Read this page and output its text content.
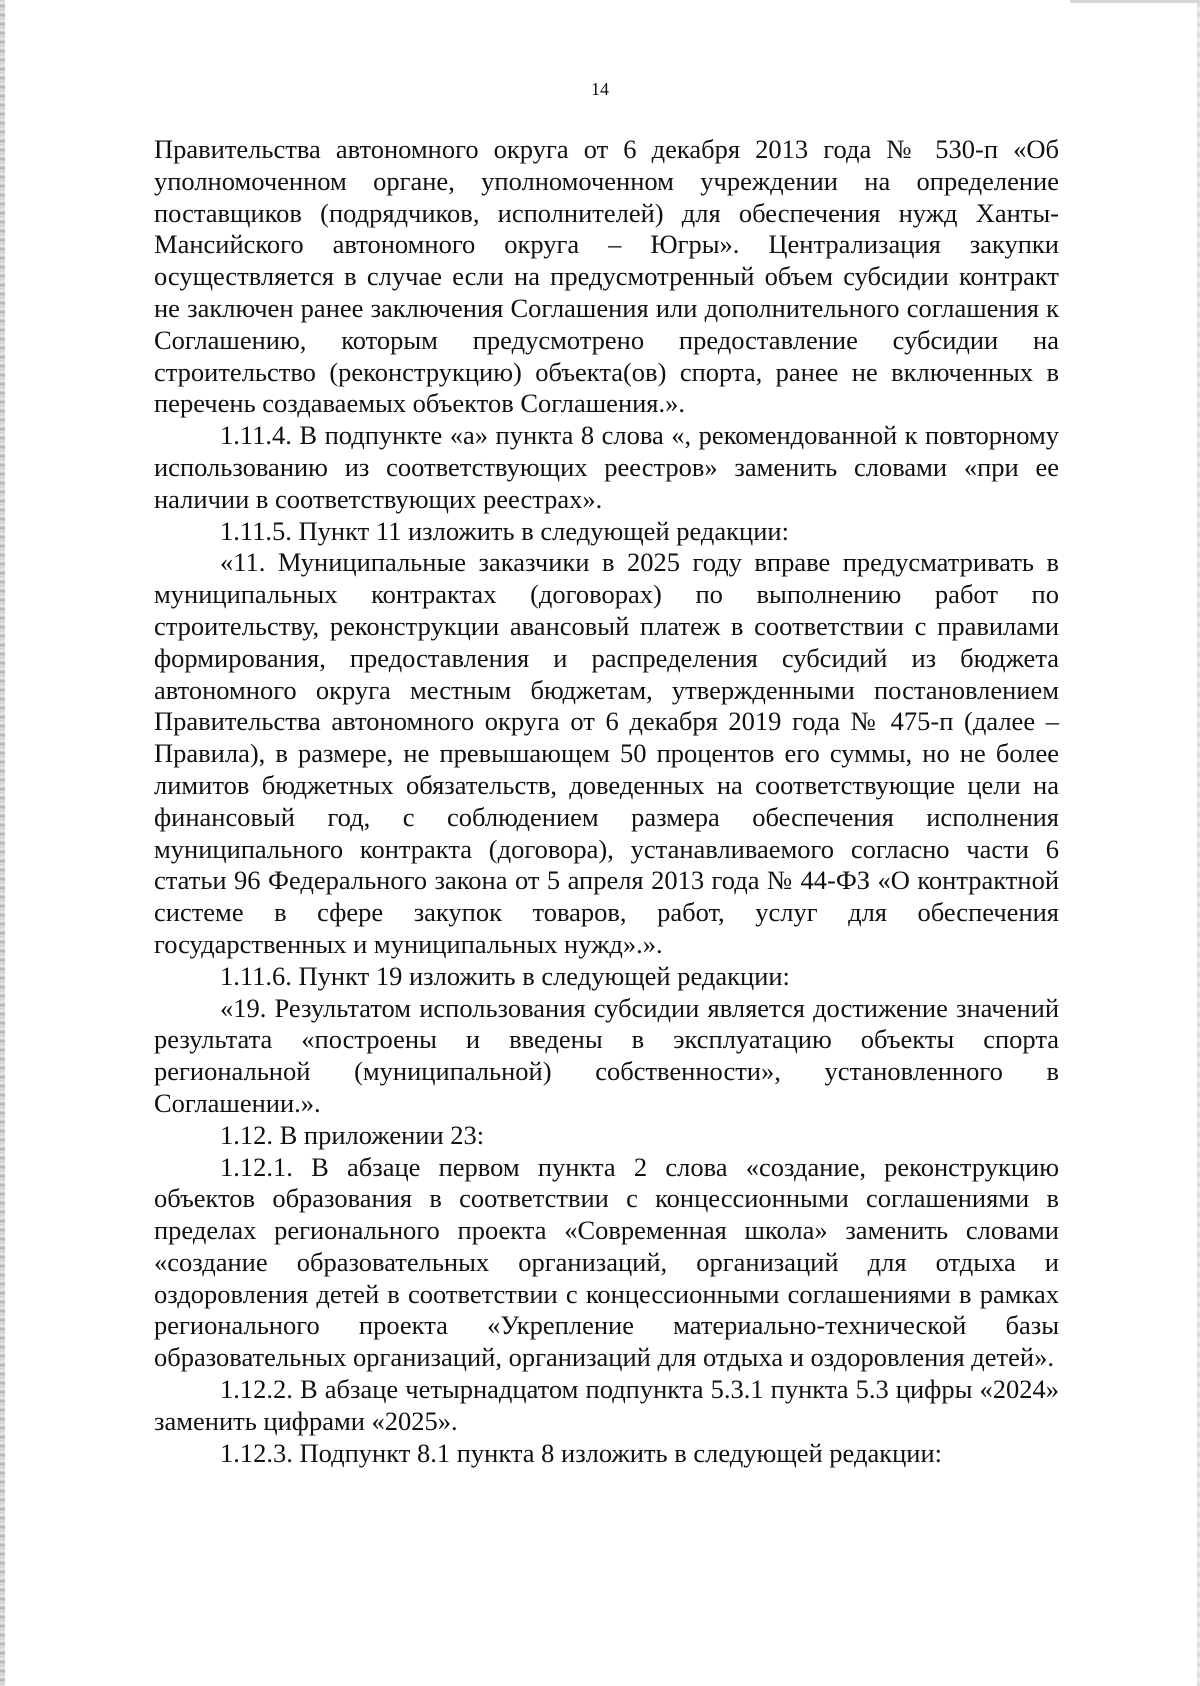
14

Правительства автономного округа от 6 декабря 2013 года № 530-п «Об уполномоченном органе, уполномоченном учреждении на определение поставщиков (подрядчиков, исполнителей) для обеспечения нужд Ханты-Мансийского автономного округа – Югры». Централизация закупки осуществляется в случае если на предусмотренный объем субсидии контракт не заключен ранее заключения Соглашения или дополнительного соглашения к Соглашению, которым предусмотрено предоставление субсидии на строительство (реконструкцию) объекта(ов) спорта, ранее не включенных в перечень создаваемых объектов Соглашения.».

1.11.4. В подпункте «а» пункта 8 слова «, рекомендованной к повторному использованию из соответствующих реестров» заменить словами «при ее наличии в соответствующих реестрах».

1.11.5. Пункт 11 изложить в следующей редакции:

«11. Муниципальные заказчики в 2025 году вправе предусматривать в муниципальных контрактах (договорах) по выполнению работ по строительству, реконструкции авансовый платеж в соответствии с правилами формирования, предоставления и распределения субсидий из бюджета автономного округа местным бюджетам, утвержденными постановлением Правительства автономного округа от 6 декабря 2019 года № 475-п (далее – Правила), в размере, не превышающем 50 процентов его суммы, но не более лимитов бюджетных обязательств, доведенных на соответствующие цели на финансовый год, с соблюдением размера обеспечения исполнения муниципального контракта (договора), устанавливаемого согласно части 6 статьи 96 Федерального закона от 5 апреля 2013 года № 44-ФЗ «О контрактной системе в сфере закупок товаров, работ, услуг для обеспечения государственных и муниципальных нужд».».

1.11.6. Пункт 19 изложить в следующей редакции:

«19. Результатом использования субсидии является достижение значений результата «построены и введены в эксплуатацию объекты спорта региональной (муниципальной) собственности», установленного в Соглашении.».

1.12. В приложении 23:

1.12.1. В абзаце первом пункта 2 слова «создание, реконструкцию объектов образования в соответствии с концессионными соглашениями в пределах регионального проекта «Современная школа» заменить словами «создание образовательных организаций, организаций для отдыха и оздоровления детей в соответствии с концессионными соглашениями в рамках регионального проекта «Укрепление материально-технической базы образовательных организаций, организаций для отдыха и оздоровления детей».

1.12.2. В абзаце четырнадцатом подпункта 5.3.1 пункта 5.3 цифры «2024» заменить цифрами «2025».

1.12.3. Подпункт 8.1 пункта 8 изложить в следующей редакции:
